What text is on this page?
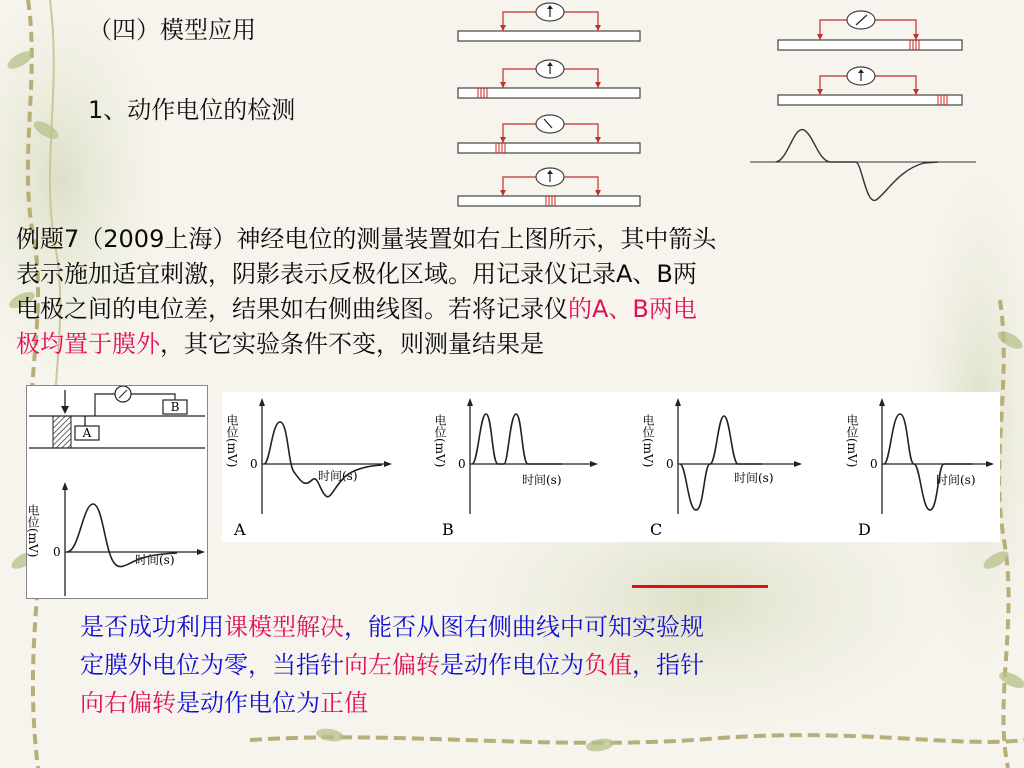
（四）模型应用
1、动作电位的检测
例题7（2009上海）神经电位的测量装置如右上图所示，其中箭头
表示施加适宜刺激，阴影表示反极化区域。用记录仪记录A、B两
电极之间的电位差，结果如右侧曲线图。若将记录仪的A、B两电
极均置于膜外，其它实验条件不变，则测量结果是
A
B
电位(mV) 0
时间(s)
电位(mV) 0
时间(s)
A
电位(mV) 0
时间(s)
B
电位(mV) 0
时间(s)
C
电位(mV) 0
时间(s)
D
是否成功利用课模型解决，能否从图右侧曲线中可知实验规
定膜外电位为零，当指针向左偏转是动作电位为负值，指针
向右偏转是动作电位为正值
